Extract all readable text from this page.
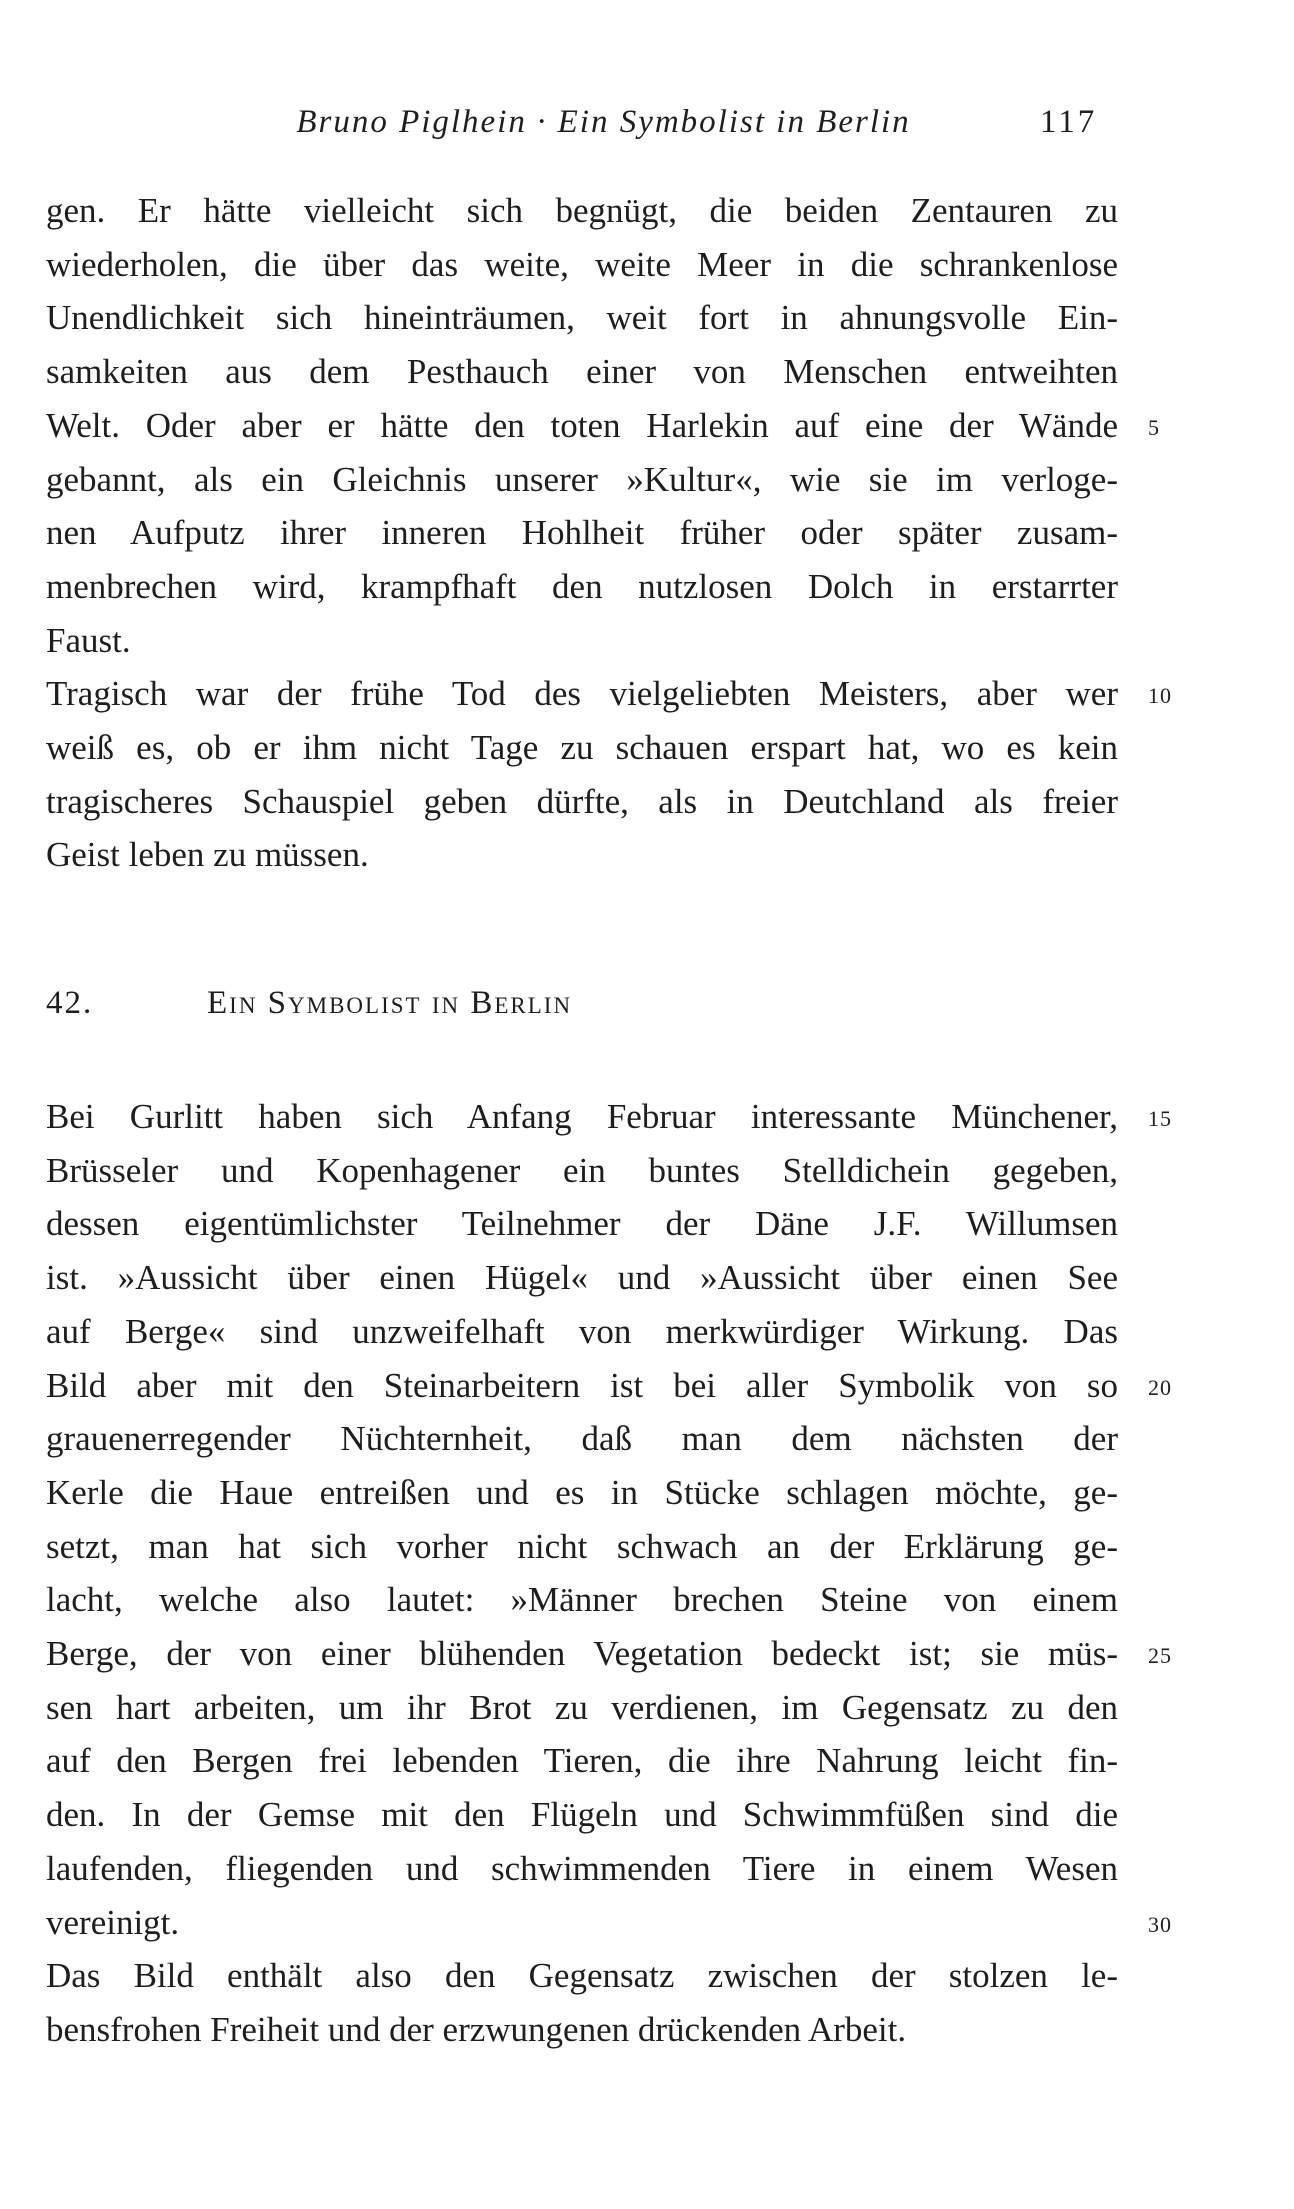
Bruno Piglhein · Ein Symbolist in Berlin	117
gen. Er hätte vielleicht sich begnügt, die beiden Zentauren zu
wiederholen, die über das weite, weite Meer in die schrankenlose
Unendlichkeit sich hineinträumen, weit fort in ahnungsvolle Ein-
samkeiten aus dem Pesthauch einer von Menschen entweihten
Welt. Oder aber er hätte den toten Harlekin auf eine der Wände 5
gebannt, als ein Gleichnis unserer »Kultur«, wie sie im verloge-
nen Aufputz ihrer inneren Hohlheit früher oder später zusam-
menbrechen wird, krampfhaft den nutzlosen Dolch in erstarrter
Faust.
Tragisch war der frühe Tod des vielgeliebten Meisters, aber wer 10
weiß es, ob er ihm nicht Tage zu schauen erspart hat, wo es kein
tragischeres Schauspiel geben dürfte, als in Deutchland als freier
Geist leben zu müssen.
42.	Ein Symbolist in Berlin
Bei Gurlitt haben sich Anfang Februar interessante Münchener, 15
Brüsseler und Kopenhagener ein buntes Stelldichein gegeben,
dessen eigentümlichster Teilnehmer der Däne J.F. Willumsen
ist. »Aussicht über einen Hügel« und »Aussicht über einen See
auf Berge« sind unzweifelhaft von merkwürdiger Wirkung. Das
Bild aber mit den Steinarbeitern ist bei aller Symbolik von so 20
grauenerregender Nüchternheit, daß man dem nächsten der
Kerle die Haue entreißen und es in Stücke schlagen möchte, ge-
setzt, man hat sich vorher nicht schwach an der Erklärung ge-
lacht, welche also lautet: »Männer brechen Steine von einem
Berge, der von einer blühenden Vegetation bedeckt ist; sie müs- 25
sen hart arbeiten, um ihr Brot zu verdienen, im Gegensatz zu den
auf den Bergen frei lebenden Tieren, die ihre Nahrung leicht fin-
den. In der Gemse mit den Flügeln und Schwimmfüßen sind die
laufenden, fliegenden und schwimmenden Tiere in einem Wesen
vereinigt.	30
Das Bild enthält also den Gegensatz zwischen der stolzen le-
bensfrohen Freiheit und der erzwungenen drückenden Arbeit.
